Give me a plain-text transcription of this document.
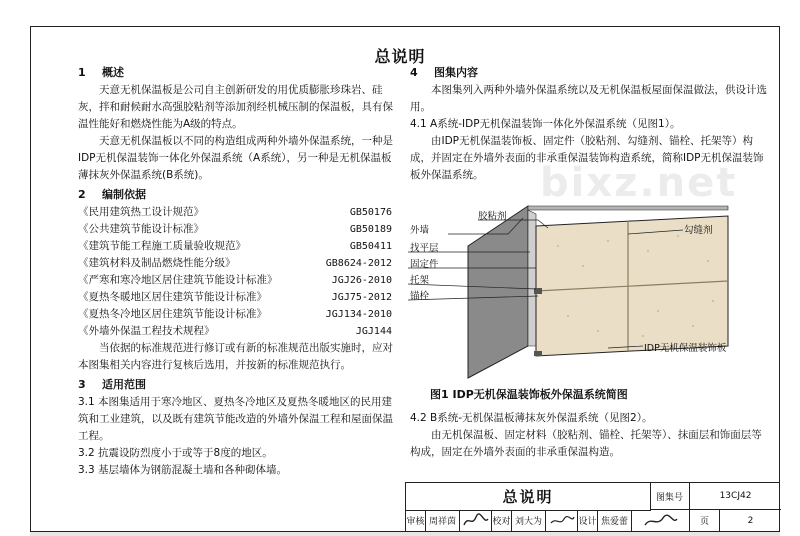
bixz.net
总说明
1 概述

天意无机保温板是公司自主创新研发的用优质膨胀珍珠岩、硅灰，拌和耐候耐水高强胶粘剂等添加剂经机械压制的保温板，具有保温性能好和燃烧性能为A级的特点。

天意无机保温板以不同的构造组成两种外墙外保温系统，一种是IDP无机保温装饰一体化外保温系统（A系统），另一种是无机保温板薄抹灰外保温系统(B系统)。

2 编制依据
《民用建筑热工设计规范》	GB50176
《公共建筑节能设计标准》	GB50189
《建筑节能工程施工质量验收规范》	GB50411
《建筑材料及制品燃烧性能分级》	GB8624-2012
《严寒和寒冷地区居住建筑节能设计标准》	JGJ26-2010
《夏热冬暖地区居住建筑节能设计标准》	JGJ75-2012
《夏热冬冷地区居住建筑节能设计标准》	JGJ134-2010
《外墙外保温工程技术规程》	JGJ144

当依据的标准规范进行修订或有新的标准规范出版实施时，应对本图集相关内容进行复核后选用，并按新的标准规范执行。

3 适用范围

3.1 本图集适用于寒冷地区、夏热冬冷地区及夏热冬暖地区的民用建筑和工业建筑，以及既有建筑节能改造的外墙外保温工程和屋面保温工程。

3.2 抗震设防烈度小于或等于8度的地区。

3.3 基层墙体为钢筋混凝土墙和各种砌体墙。

4 图集内容

本图集列入两种外墙外保温系统以及无机保温板屋面保温做法，供设计选用。

4.1 A系统-IDP无机保温装饰一体化外保温系统（见图1）。

由IDP无机保温装饰板、固定件（胶粘剂、勾缝剂、锚栓、托架等）构成，并固定在外墙外表面的非承重保温装饰构造系统，简称IDP无机保温装饰板外保温系统。

外墙
胶粘剂
找平层
固定件
托架
锚栓
勾缝剂
IDP无机保温装饰板
图1 IDP无机保温装饰板外保温系统简图

4.2 B系统-无机保温板薄抹灰外保温系统（见图2）。

由无机保温板、固定材料（胶粘剂、锚栓、托架等）、抹面层和饰面层等构成，固定在外墙外表面的非承重保温构造。

总说明	图集号	13CJ42
审核 周祥茵	校对 刘大为	设计 焦爱蕾	页	2
